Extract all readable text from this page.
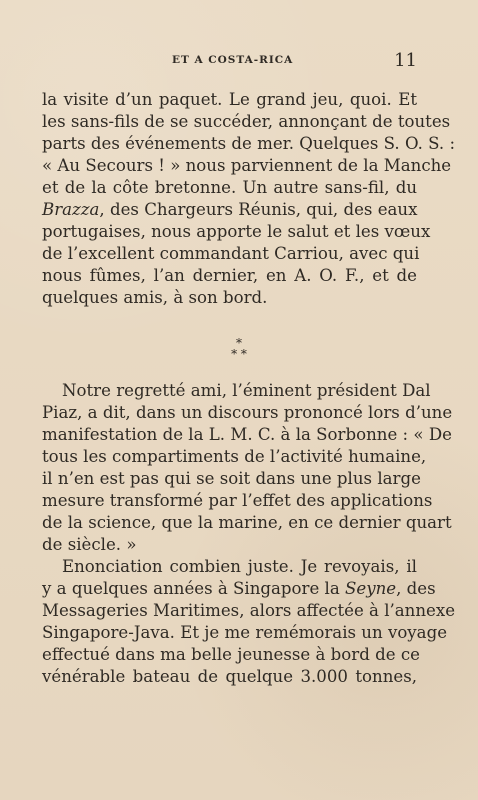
ET A COSTA-RICA	11
la visite d’un paquet. Le grand jeu, quoi. Et
les sans-fils de se succéder, annonçant de toutes
parts des événements de mer. Quelques S. O. S. :
« Au Secours ! » nous parviennent de la Manche
et de la côte bretonne. Un autre sans-fil, du
Brazza, des Chargeurs Réunis, qui, des eaux
portugaises, nous apporte le salut et les vœux
de l’excellent commandant Carriou, avec qui
nous fûmes, l’an dernier, en A. O. F., et de
quelques amis, à son bord.
*
* *
Notre regretté ami, l’éminent président Dal
Piaz, a dit, dans un discours prononcé lors d’une
manifestation de la L. M. C. à la Sorbonne : « De
tous les compartiments de l’activité humaine,
il n’en est pas qui se soit dans une plus large
mesure transformé par l’effet des applications
de la science, que la marine, en ce dernier quart
de siècle. »
Enonciation combien juste. Je revoyais, il
y a quelques années à Singapore la Seyne, des
Messageries Maritimes, alors affectée à l’annexe
Singapore-Java. Et je me remémorais un voyage
effectué dans ma belle jeunesse à bord de ce
vénérable bateau de quelque 3.000 tonnes,
